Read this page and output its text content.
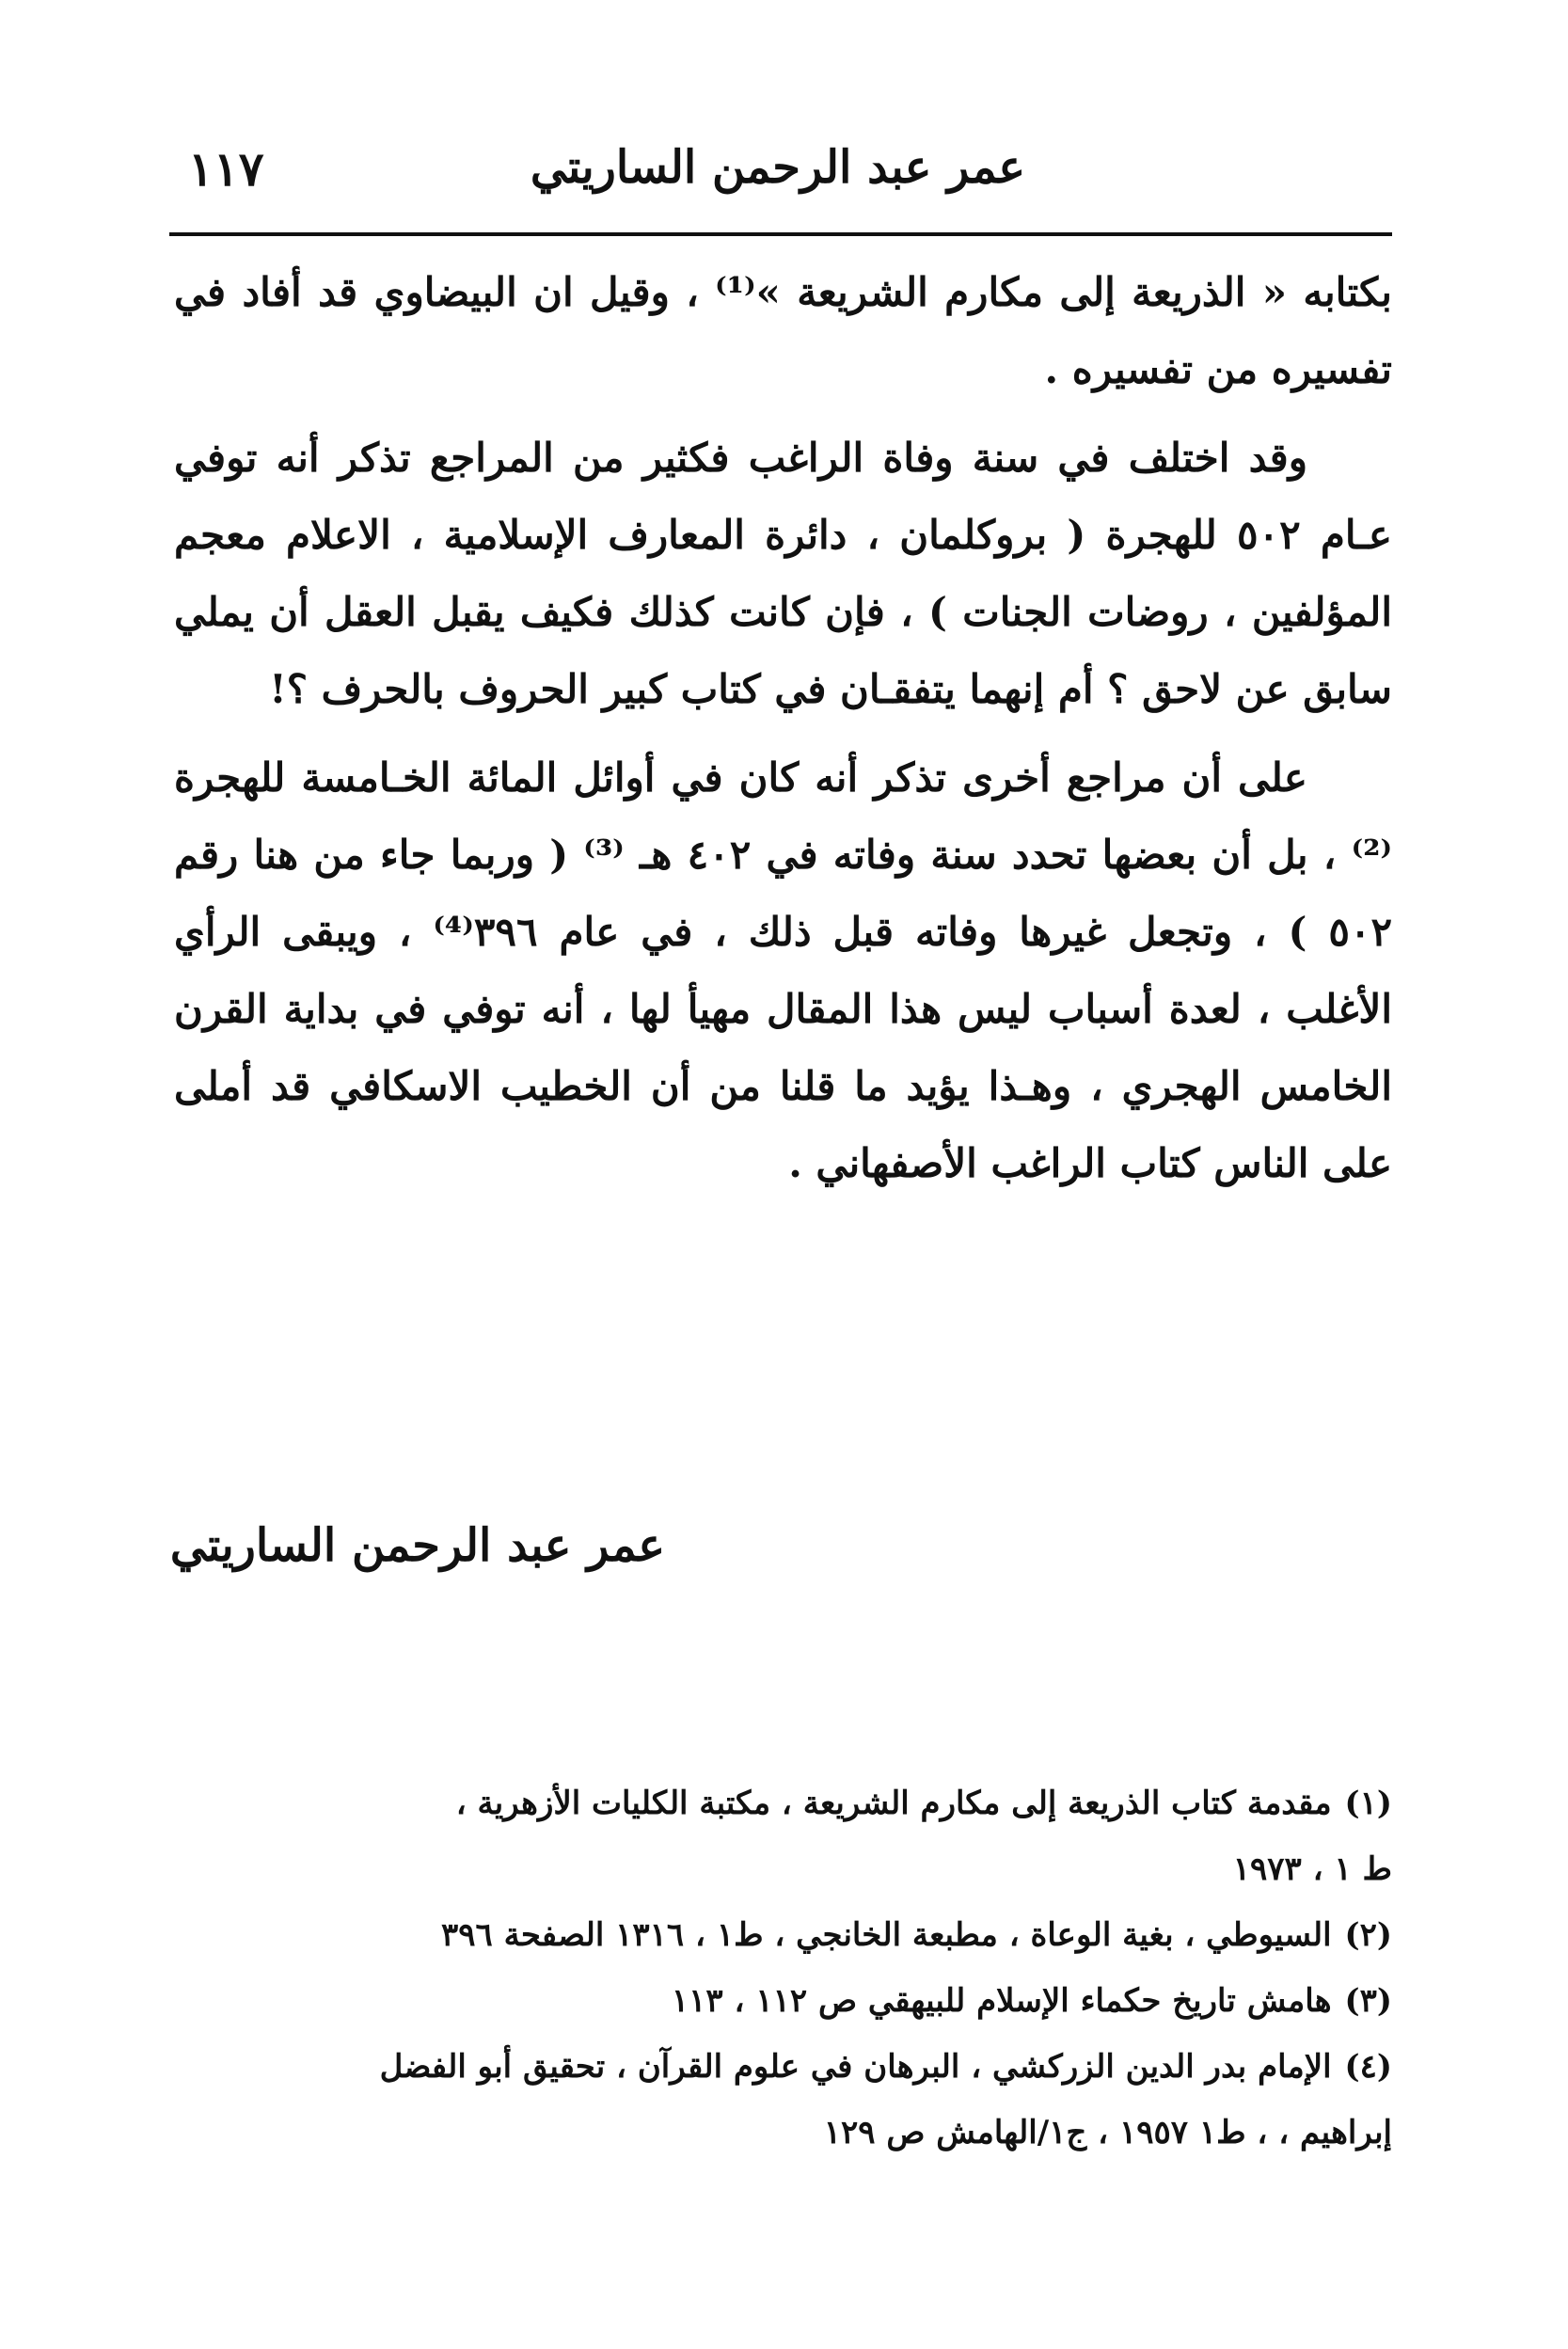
عمر عبد الرحمن الساريتي
١١٧

بكتابه « الذريعة إلى مكارم الشريعة »⁽¹⁾ ، وقيل ان البيضاوي قد أفاد في تفسيره من تفسيره .

وقد اختلف في سنة وفاة الراغب فكثير من المراجع تذكر أنه توفي عـام ٥٠٢ للهجرة ( بروكلمان ، دائرة المعارف الإسلامية ، الاعلام معجم المؤلفين ، روضات الجنات ) ، فإن كانت كذلك فكيف يقبل العقل أن يملي سابق عن لاحق ؟ أم إنهما يتفقـان في كتاب كبير الحروف بالحرف ؟!

على أن مراجع أخرى تذكر أنه كان في أوائل المائة الخـامسة للهجرة ⁽²⁾ ، بل أن بعضها تحدد سنة وفاته في ٤٠٢ هـ ⁽³⁾ ( وربما جاء من هنا رقم ٥٠٢ ) ، وتجعل غيرها وفاته قبل ذلك ، في عام ٣٩٦⁽⁴⁾ ، ويبقى الرأي الأغلب ، لعدة أسباب ليس هذا المقال مهيأ لها ، أنه توفي في بداية القرن الخامس الهجري ، وهـذا يؤيد ما قلنا من أن الخطيب الاسكافي قد أملى على الناس كتاب الراغب الأصفهاني .

عمر عبد الرحمن الساريتي

(١)مقدمة كتاب الذريعة إلى مكارم الشريعة ، مكتبة الكليات الأزهرية ،

ط ١ ، ١٩٧٣

(٢)السيوطي ، بغية الوعاة ، مطبعة الخانجي ، ط١ ، ١٣١٦ الصفحة ٣٩٦

(٣)هامش تاريخ حكماء الإسلام للبيهقي ص ١١٢ ، ١١٣

(٤)الإمام بدر الدين الزركشي ، البرهان في علوم القرآن ، تحقيق أبو الفضل

إبراهيم ، ، ط١ ١٩٥٧ ، ج١/الهامش ص ١٢٩
